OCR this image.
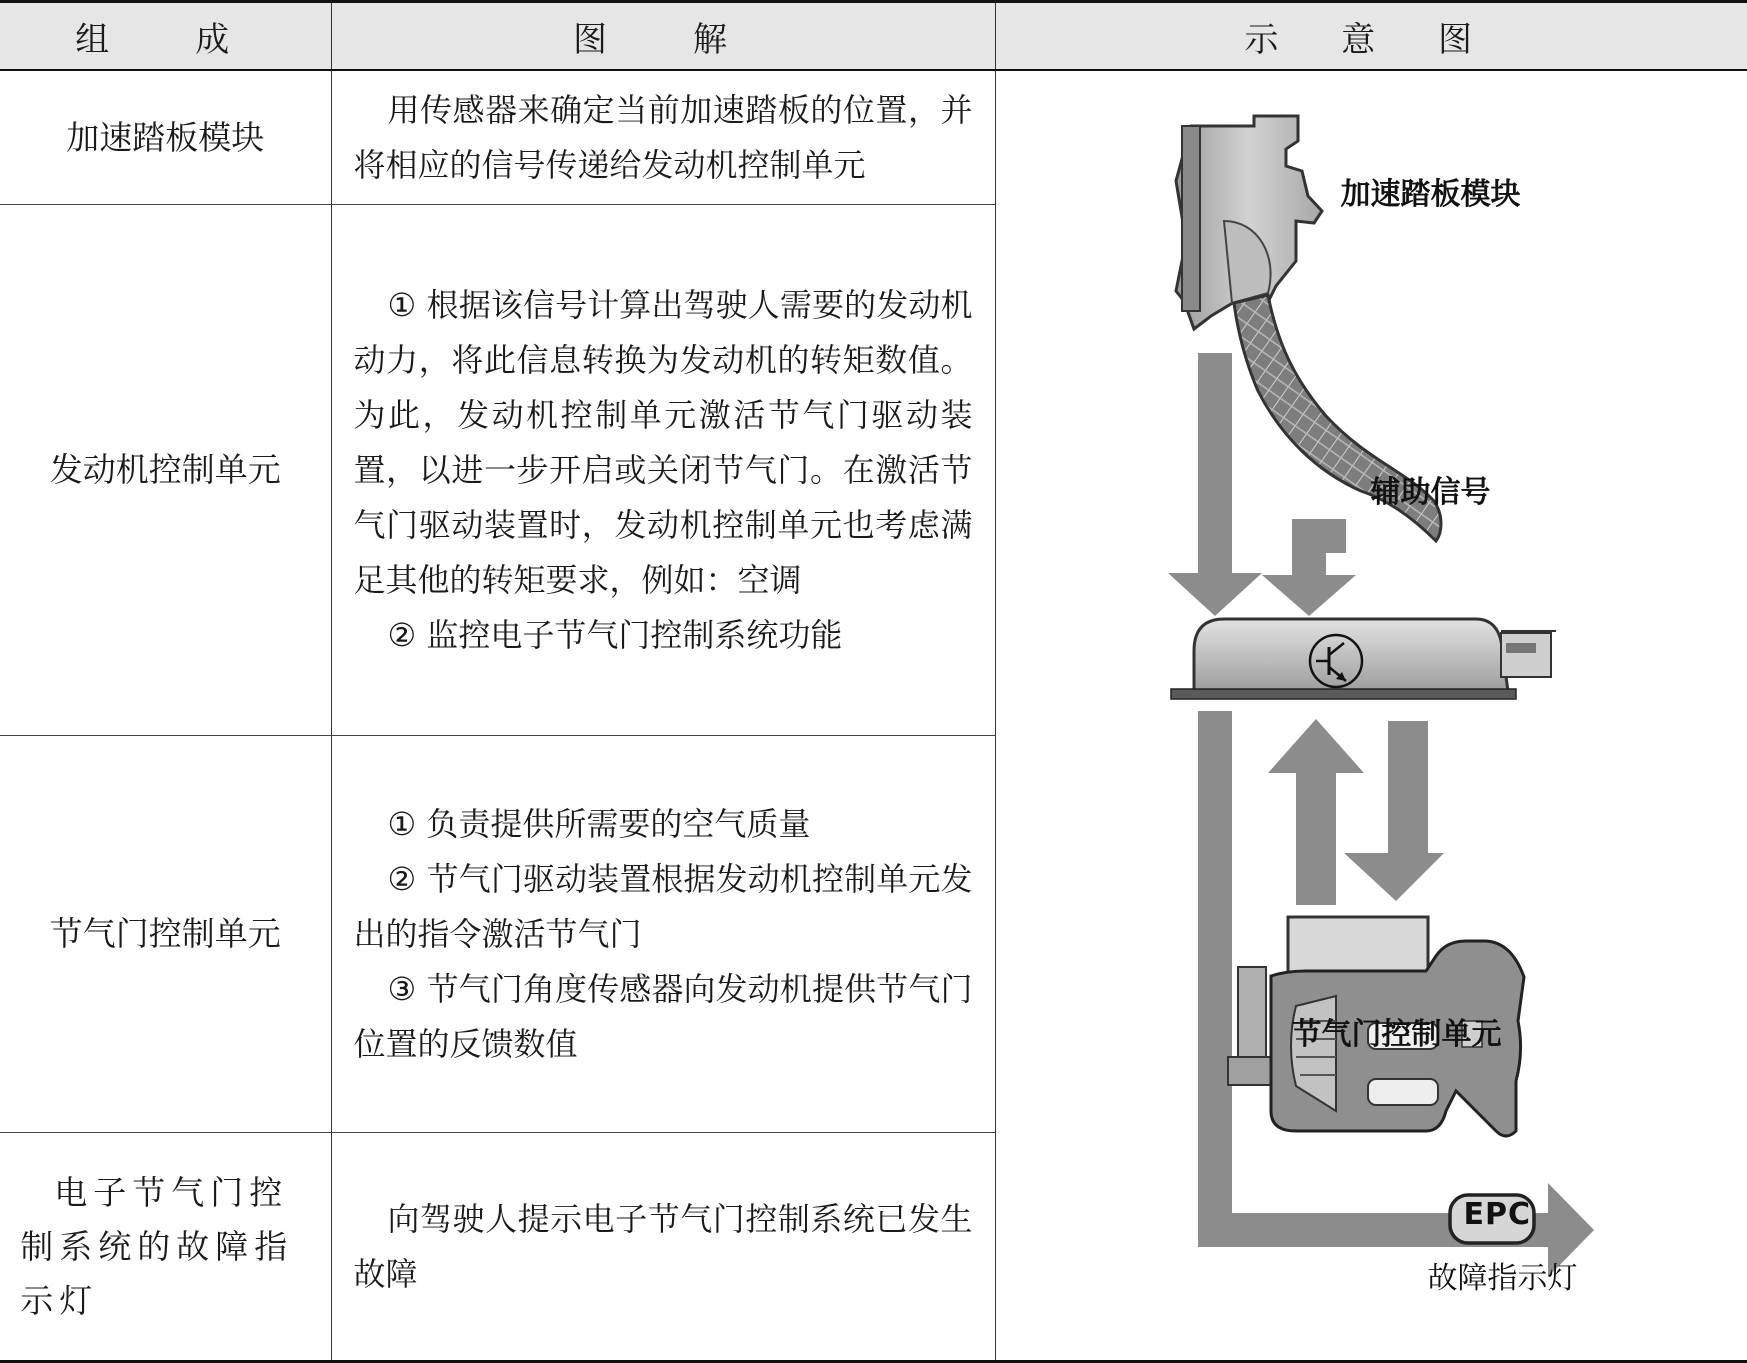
组　成	图　解	示 意 图
加速踏板模块	用传感器来确定当前加速踏板的位置，并将相应的信号传递给发动机控制单元	加速踏板模块
辅助信号
节气门控制单元
EPC
故障指示灯

发动机控制单元	① 根据该信号计算出驾驶人需要的发动机动力，将此信息转换为发动机的转矩数值。为此，发动机控制单元激活节气门驱动装置，以进一步开启或关闭节气门。在激活节气门驱动装置时，发动机控制单元也考虑满足其他的转矩要求，例如：空调

② 监控电子节气门控制系统功能	

节气门控制单元	① 负责提供所需要的空气质量

② 节气门驱动装置根据发动机控制单元发出的指令激活节气门

③ 节气门角度传感器向发动机提供节气门位置的反馈数值	

电子节气门控制系统的故障指示灯	向驾驶人提示电子节气门控制系统已发生故障	
